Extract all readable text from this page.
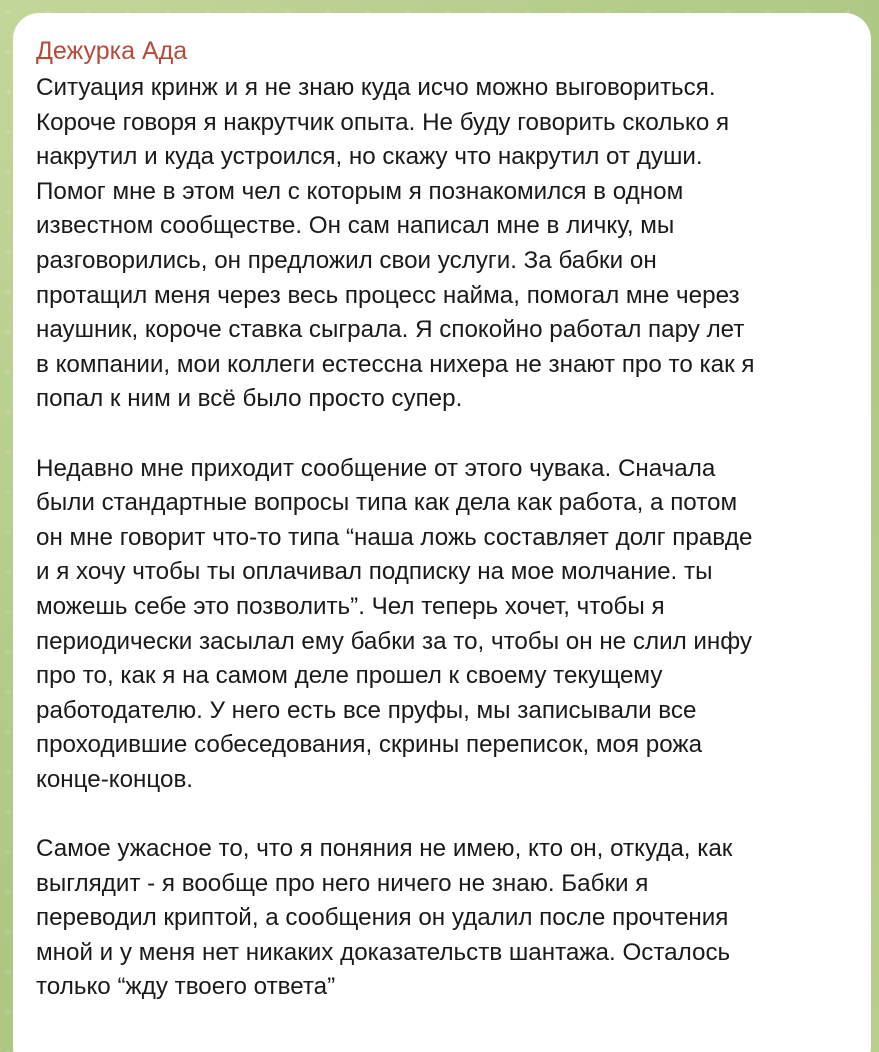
Дежурка Ада

Ситуация кринж и я не знаю куда исчо можно выговориться.
Короче говоря я накрутчик опыта. Не буду говорить сколько я
накрутил и куда устроился, но скажу что накрутил от души.
Помог мне в этом чел с которым я познакомился в одном
известном сообществе. Он сам написал мне в личку, мы
разговорились, он предложил свои услуги. За бабки он
протащил меня через весь процесс найма, помогал мне через
наушник, короче ставка сыграла. Я спокойно работал пару лет
в компании, мои коллеги естессна нихера не знают про то как я
попал к ним и всё было просто супер.

Недавно мне приходит сообщение от этого чувака. Сначала
были стандартные вопросы типа как дела как работа, а потом
он мне говорит что-то типа “наша ложь составляет долг правде
и я хочу чтобы ты оплачивал подписку на мое молчание. ты
можешь себе это позволить”. Чел теперь хочет, чтобы я
периодически засылал ему бабки за то, чтобы он не слил инфу
про то, как я на самом деле прошел к своему текущему
работодателю. У него есть все пруфы, мы записывали все
проходившие собеседования, скрины переписок, моя рожа
конце-концов.

Самое ужасное то, что я поняния не имею, кто он, откуда, как
выглядит - я вообще про него ничего не знаю. Бабки я
переводил криптой, а сообщения он удалил после прочтения
мной и у меня нет никаких доказательств шантажа. Осталось
только “жду твоего ответа”
